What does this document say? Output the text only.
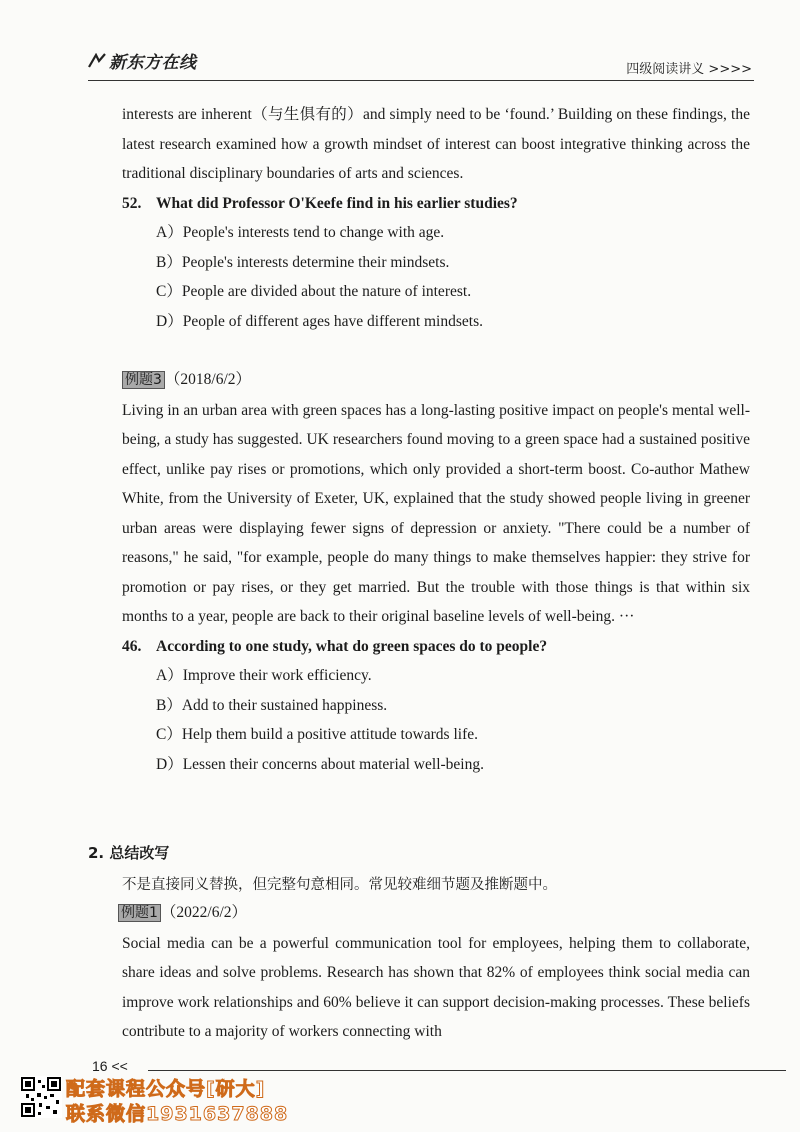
新东方在线	四级阅读讲义 >>>>

interests are inherent（与生俱有的）and simply need to be ‘found.’ Building on these findings, the latest research examined how a growth mindset of interest can boost integrative thinking across the traditional disciplinary boundaries of arts and sciences.

52. What did Professor O'Keefe find in his earlier studies?

A）People's interests tend to change with age.

B）People's interests determine their mindsets.

C）People are divided about the nature of interest.

D）People of different ages have different mindsets.

例题3 （2018/6/2）

Living in an urban area with green spaces has a long-lasting positive impact on people's mental well-being, a study has suggested. UK researchers found moving to a green space had a sustained positive effect, unlike pay rises or promotions, which only provided a short-term boost. Co-author Mathew White, from the University of Exeter, UK, explained that the study showed people living in greener urban areas were displaying fewer signs of depression or anxiety. "There could be a number of reasons," he said, "for example, people do many things to make themselves happier: they strive for promotion or pay rises, or they get married. But the trouble with those things is that within six months to a year, people are back to their original baseline levels of well-being. ···

46. According to one study, what do green spaces do to people?

A）Improve their work efficiency.

B）Add to their sustained happiness.

C）Help them build a positive attitude towards life.

D）Lessen their concerns about material well-being.

2. 总结改写

不是直接同义替换，但完整句意相同。常见较难细节题及推断题中。

例题1 （2022/6/2）

Social media can be a powerful communication tool for employees, helping them to collaborate, share ideas and solve problems. Research has shown that 82% of employees think social media can improve work relationships and 60% believe it can support decision-making processes. These beliefs contribute to a majority of workers connecting with

16 <<
配套课程公众号[研大]
联系微信1931637888
